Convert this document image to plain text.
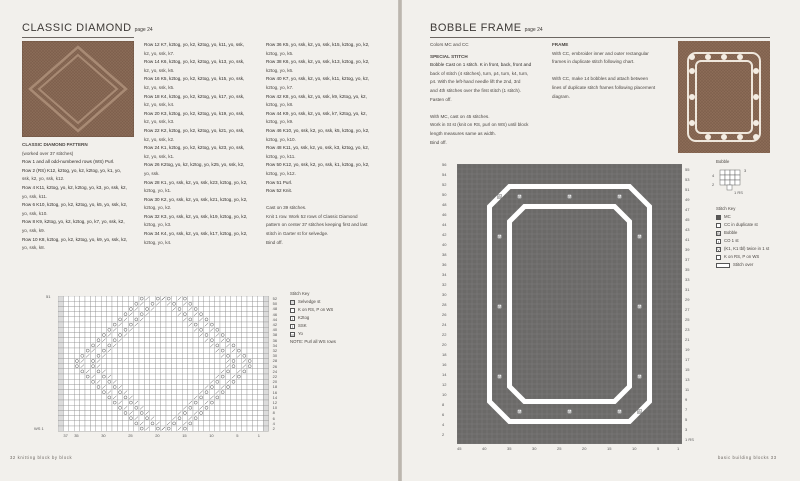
CLASSIC DIAMOND page 24
CLASSIC DIAMOND PATTERN
(worked over 37 stitches)
Row 1 and all odd-numbered rows (WS) Purl.
Row 2 (RS) K12, k2tog, yo, k2, k2tog, yo, k1, yo,
ssk, k2, yo, ssk, k12.
Row 4 K11, k2tog, yo, k2, k2tog, yo, k3, yo, ssk, k2,
yo, ssk, k11.
Row 6 K10, k2tog, yo, k2, k2tog, yo, k5, yo, ssk, k2,
yo, ssk, k10.
Row 8 K9, k2tog, yo, k2, k2tog, yo, k7, yo, ssk, k2,
yo, ssk, k9.
Row 10 K8, k2tog, yo, k2, k2tog, yo, k9, yo, ssk, k2,
yo, ssk, k8.
Row 12 K7, k2tog, yo, k2, k2tog, yo, k11, yo, ssk,
k2, yo, ssk, k7.
Row 14 K6, k2tog, yo, k2, k2tog, yo, k13, yo, ssk,
k2, yo, ssk, k6.
Row 16 K5, k2tog, yo, k2, k2tog, yo, k15, yo, ssk,
k2, yo, ssk, k5.
Row 18 K4, k2tog, yo, k2, k2tog, yo, k17, yo, ssk,
k2, yo, ssk, k4.
Row 20 K3, k2tog, yo, k2, k2tog, yo, k19, yo, ssk,
k2, yo, ssk, k3.
Row 22 K2, k2tog, yo, k2, k2tog, yo, k21, yo, ssk,
k2, yo, ssk, k2.
Row 24 K1, k2tog, yo, k2, k2tog, yo, k23, yo, ssk,
k2, yo, ssk, k1.
Row 26 K2tog, yo, k2, k2tog, yo, k25, yo, ssk, k2,
yo, ssk.
Row 28 K1, yo, ssk, k2, yo, ssk, k23, k2tog, yo, k2,
k2tog, yo, k1.
Row 30 K2, yo, ssk, k2, yo, ssk, k21, k2tog, yo, k2,
k2tog, yo, k2.
Row 32 K3, yo, ssk, k2, yo, ssk, k19, k2tog, yo, k2,
k2tog, yo, k3.
Row 34 K4, yo, ssk, k2, yo, ssk, k17, k2tog, yo, k2,
k2tog, yo, k4.
Row 36 K5, yo, ssk, k2, yo, ssk, k15, k2tog, yo, k2,
k2tog, yo, k5.
Row 38 K6, yo, ssk, k2, yo, ssk, k13, k2tog, yo, k2,
k2tog, yo, k6.
Row 40 K7, yo, ssk, k2, yo, ssk, k11, k2tog, yo, k2,
k2tog, yo, k7.
Row 42 K8, yo, ssk, k2, yo, ssk, k9, k2tog, yo, k2,
k2tog, yo, k8.
Row 44 K9, yo, ssk, k2, yo, ssk, k7, k2tog, yo, k2,
k2tog, yo, k9.
Row 46 K10, yo, ssk, k2, yo, ssk, k5, k2tog, yo, k2,
k2tog, yo, k10.
Row 48 K11, yo, ssk, k2, yo, ssk, k3, k2tog, yo, k2,
k2tog, yo, k11.
Row 50 K12, yo, ssk, k2, yo, ssk, k1, k2tog, yo, k2,
k2tog, yo, k12.
Row 51 Purl.
Row 52 Knit.

Cast on 39 stitches.
Knit 1 row. Work 52 rows of Classic Diamond
pattern on center 37 stitches keeping first and last
stitch in Garter st for selvedge.
Bind off.
51
WS 1
52
50
48
46
44
42
40
38
36
34
32
30
28
26
24
22
20
18
16
14
12
10
8
6
4
2
37 35	30	25	20	15	10	5	1
Stitch Key
Selvedge st
K on RS, P on WS
/	K2tog
\	SSK
o	Yo
NOTE: Purl all WS rows
32 knitting block by block
BOBBLE FRAME page 24
Colors MC and CC
SPECIAL STITCH
Bobble Cast on 1 stitch. K in front, back, front and
back of stitch (4 stitches), turn, p4, turn, k4, turn,
p4. With the left-hand needle lift the 2nd, 3rd
and 4th stitches over the first stitch (1 stitch).
Fasten off.

With MC, cast on 45 stitches.
Work in St st (knit on RS, purl on WS) until block
length measures same as width.
Bind off.
FRAME
With CC, embroider inner and outer rectangular
frames in duplicate stitch following chart.

With CC, make 14 bobbles and attach between
lines of duplicate stitch frames following placement
diagram.
B	B	B
B	B
B	B
B	B
B	B	B
B
B
56
54
52
50
48
46
44
42
40
38
36
34
32
30
28
26
24
22
20
18
16
14
12
10
8
6
4
2
55
53
51
49
47
45
43
41
39
37
35
33
31
29
27
25
23
21
19
17
15
13
11
9
7
5
3
1 RS
45	40	35	30	25	20	15	10	5	1
Bobble
4
3
2
1 RS
Stitch Key
MC
CC in duplicate st
B Bobble
•	CO 1 st
V (K1, K1 tbl) twice in 1 st
K on RS, P on WS
Stitch over
basic building blocks 33
